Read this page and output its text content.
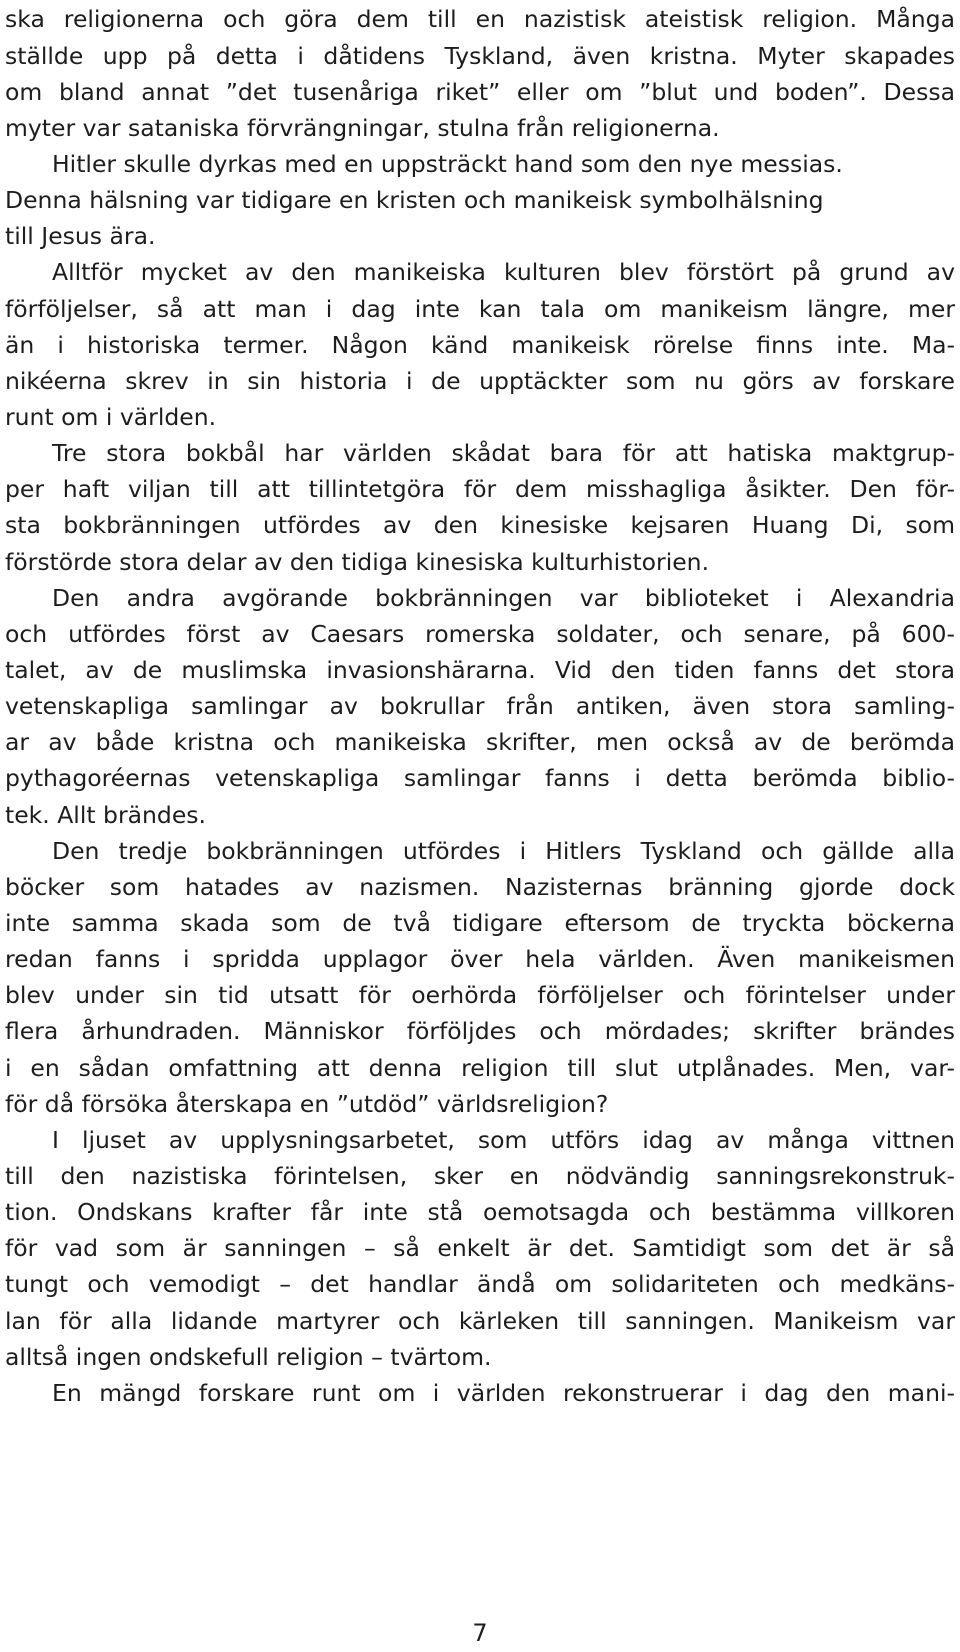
ska religionerna och göra dem till en nazistisk ateistisk religion. Många
ställde upp på detta i dåtidens Tyskland, även kristna. Myter skapades
om bland annat ”det tusenåriga riket” eller om ”blut und boden”. Dessa
myter var sataniska förvrängningar, stulna från religionerna.
Hitler skulle dyrkas med en uppsträckt hand som den nye messias.
Denna hälsning var tidigare en kristen och manikeisk symbolhälsning
till Jesus ära.
Alltför mycket av den manikeiska kulturen blev förstört på grund av
förföljelser, så att man i dag inte kan tala om manikeism längre, mer
än i historiska termer. Någon känd manikeisk rörelse finns inte. Ma-
nikéerna skrev in sin historia i de upptäckter som nu görs av forskare
runt om i världen.
Tre stora bokbål har världen skådat bara för att hatiska maktgrup-
per haft viljan till att tillintetgöra för dem misshagliga åsikter. Den för-
sta bokbränningen utfördes av den kinesiske kejsaren Huang Di, som
förstörde stora delar av den tidiga kinesiska kulturhistorien.
Den andra avgörande bokbränningen var biblioteket i Alexandria
och utfördes först av Caesars romerska soldater, och senare, på 600-
talet, av de muslimska invasionshärarna. Vid den tiden fanns det stora
vetenskapliga samlingar av bokrullar från antiken, även stora samling-
ar av både kristna och manikeiska skrifter, men också av de berömda
pythagoréernas vetenskapliga samlingar fanns i detta berömda biblio-
tek. Allt brändes.
Den tredje bokbränningen utfördes i Hitlers Tyskland och gällde alla
böcker som hatades av nazismen. Nazisternas bränning gjorde dock
inte samma skada som de två tidigare eftersom de tryckta böckerna
redan fanns i spridda upplagor över hela världen. Även manikeismen
blev under sin tid utsatt för oerhörda förföljelser och förintelser under
flera århundraden. Människor förföljdes och mördades; skrifter brändes
i en sådan omfattning att denna religion till slut utplånades. Men, var-
för då försöka återskapa en ”utdöd” världsreligion?
I ljuset av upplysningsarbetet, som utförs idag av många vittnen
till den nazistiska förintelsen, sker en nödvändig sanningsrekonstruk-
tion. Ondskans krafter får inte stå oemotsagda och bestämma villkoren
för vad som är sanningen – så enkelt är det. Samtidigt som det är så
tungt och vemodigt – det handlar ändå om solidariteten och medkäns-
lan för alla lidande martyrer och kärleken till sanningen. Manikeism var
alltså ingen ondskefull religion – tvärtom.
En mängd forskare runt om i världen rekonstruerar i dag den mani-
7
